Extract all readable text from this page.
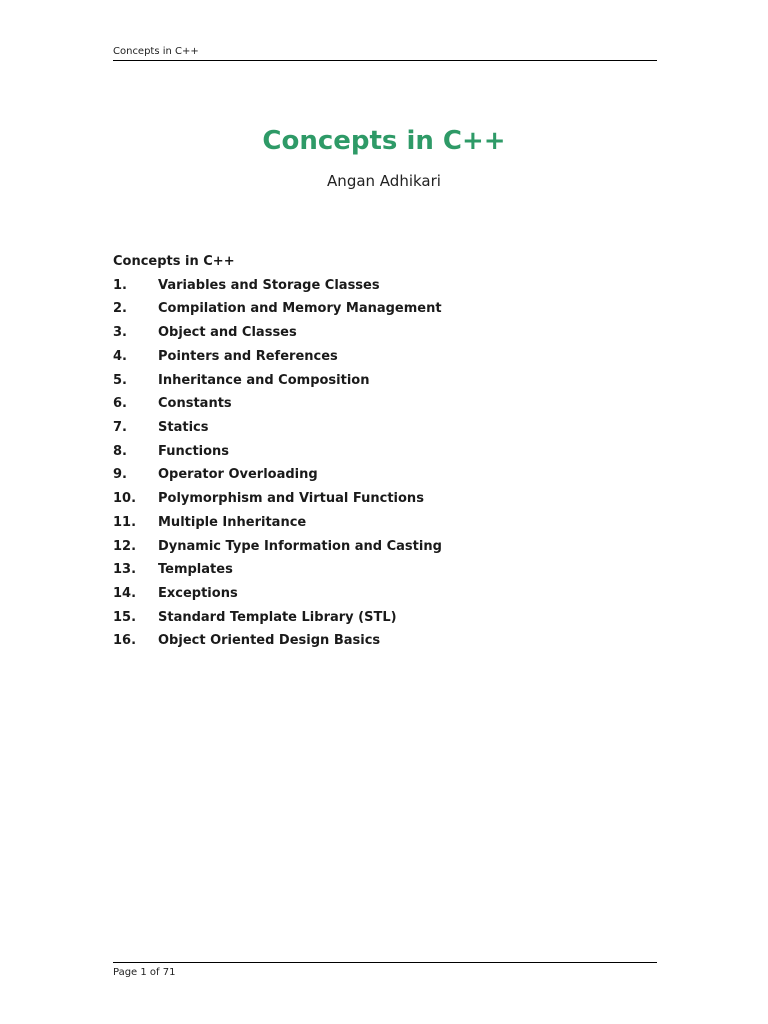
Concepts in C++
Concepts in C++
Angan Adhikari
Concepts in C++
1.	Variables and Storage Classes
2.	Compilation and Memory Management
3.	Object and Classes
4.	Pointers and References
5.	Inheritance and Composition
6.	Constants
7.	Statics
8.	Functions
9.	Operator Overloading
10.	Polymorphism and Virtual Functions
11.	Multiple Inheritance
12.	Dynamic Type Information and Casting
13.	Templates
14.	Exceptions
15.	Standard Template Library (STL)
16.	Object Oriented Design Basics
Page 1 of 71
